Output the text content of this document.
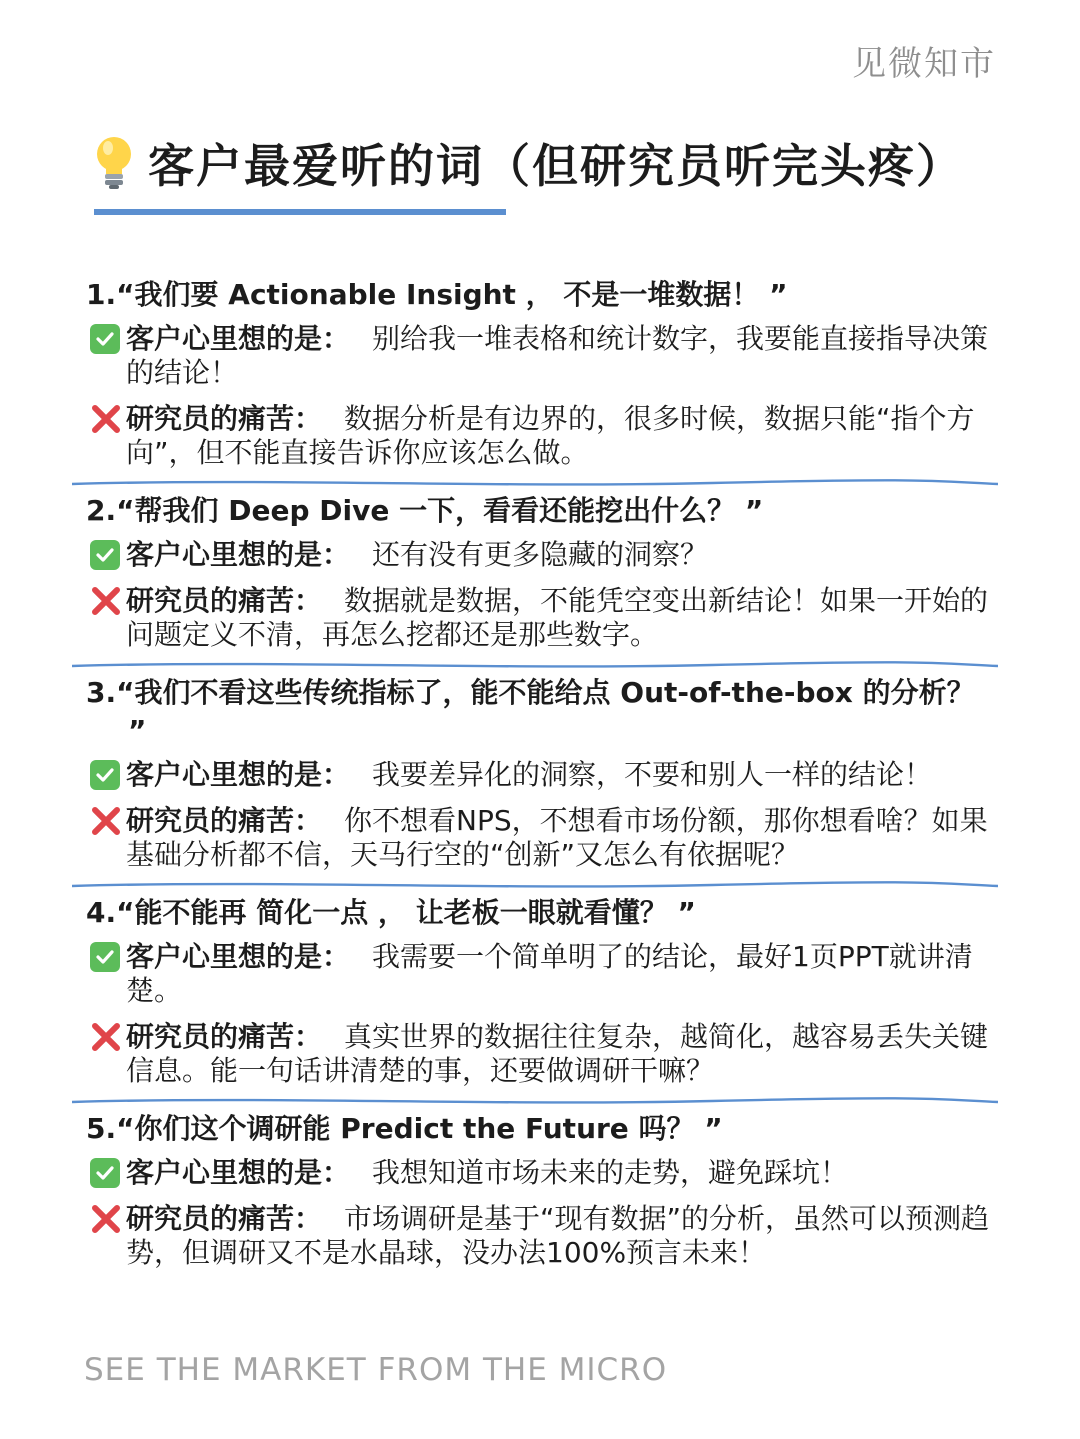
见微知市
客户最爱听的词（但研究员听完头疼）
1.“我们要 Actionable Insight ， 不是一堆数据！ ”
客户心里想的是： 别给我一堆表格和统计数字，我要能直接指导决策的结论！
研究员的痛苦： 数据分析是有边界的，很多时候，数据只能“指个方向”，但不能直接告诉你应该怎么做。
2.“帮我们 Deep Dive 一下，看看还能挖出什么？ ”
客户心里想的是： 还有没有更多隐藏的洞察？
研究员的痛苦： 数据就是数据，不能凭空变出新结论！如果一开始的问题定义不清，再怎么挖都还是那些数字。
3.“我们不看这些传统指标了，能不能给点 Out-of-the-box 的分析？ ”
客户心里想的是： 我要差异化的洞察，不要和别人一样的结论！
研究员的痛苦： 你不想看NPS，不想看市场份额，那你想看啥？如果基础分析都不信，天马行空的“创新”又怎么有依据呢？
4.“能不能再 简化一点 ， 让老板一眼就看懂？ ”
客户心里想的是： 我需要一个简单明了的结论，最好1页PPT就讲清楚。
研究员的痛苦： 真实世界的数据往往复杂，越简化，越容易丢失关键信息。能一句话讲清楚的事，还要做调研干嘛？
5.“你们这个调研能 Predict the Future 吗？ ”
客户心里想的是： 我想知道市场未来的走势，避免踩坑！
研究员的痛苦： 市场调研是基于“现有数据”的分析，虽然可以预测趋势，但调研又不是水晶球，没办法100%预言未来！
SEE THE MARKET FROM THE MICRO
